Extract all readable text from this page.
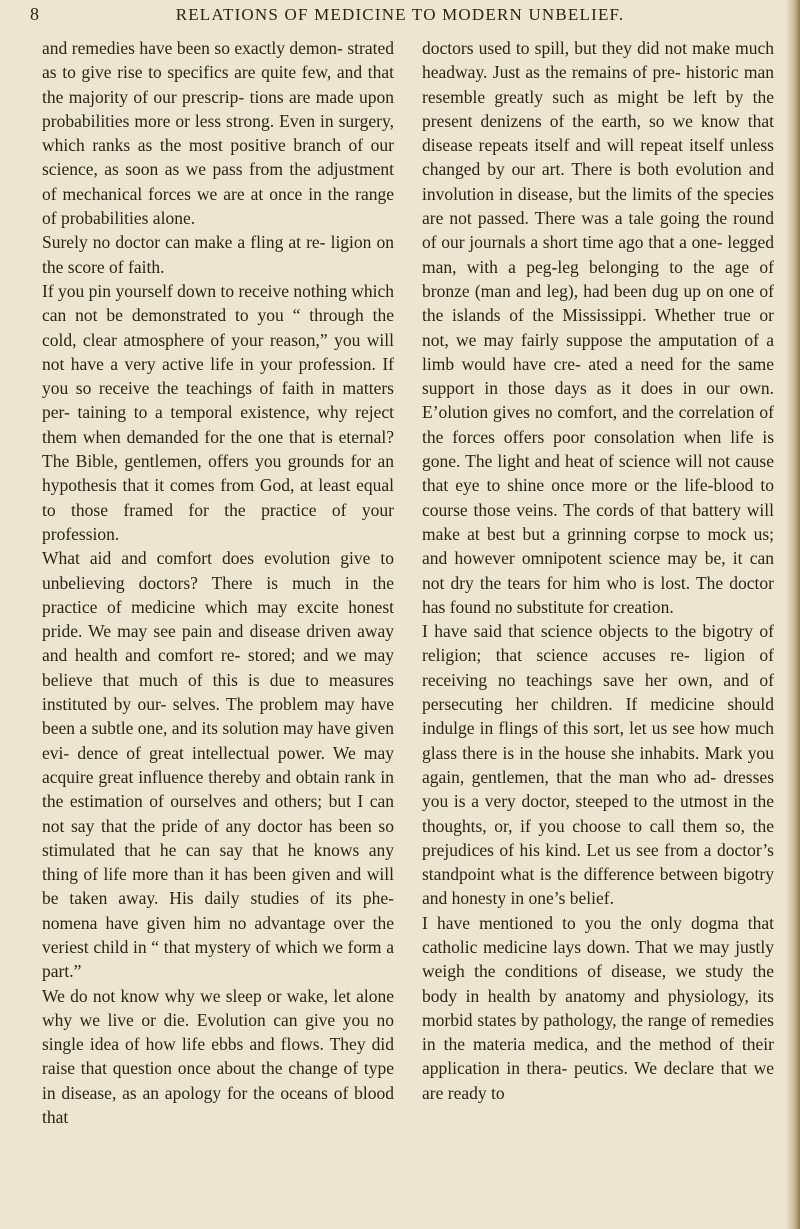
8	RELATIONS OF MEDICINE TO MODERN UNBELIEF.

and remedies have been so exactly demon- strated as to give rise to specifics are quite few, and that the majority of our prescrip- tions are made upon probabilities more or less strong. Even in surgery, which ranks as the most positive branch of our science, as soon as we pass from the adjustment of mechanical forces we are at once in the range of probabilities alone.

Surely no doctor can make a fling at re- ligion on the score of faith.

If you pin yourself down to receive nothing which can not be demonstrated to you “ through the cold, clear atmosphere of your reason,” you will not have a very active life in your profession. If you so receive the teachings of faith in matters per- taining to a temporal existence, why reject them when demanded for the one that is eternal? The Bible, gentlemen, offers you grounds for an hypothesis that it comes from God, at least equal to those framed for the practice of your profession.

What aid and comfort does evolution give to unbelieving doctors? There is much in the practice of medicine which may excite honest pride. We may see pain and disease driven away and health and comfort re- stored; and we may believe that much of this is due to measures instituted by our- selves. The problem may have been a subtle one, and its solution may have given evi- dence of great intellectual power. We may acquire great influence thereby and obtain rank in the estimation of ourselves and others; but I can not say that the pride of any doctor has been so stimulated that he can say that he knows any thing of life more than it has been given and will be taken away. His daily studies of its phe- nomena have given him no advantage over the veriest child in “ that mystery of which we form a part.”

We do not know why we sleep or wake, let alone why we live or die. Evolution can give you no single idea of how life ebbs and flows. They did raise that question once about the change of type in disease, as an apology for the oceans of blood that

doctors used to spill, but they did not make much headway. Just as the remains of pre- historic man resemble greatly such as might be left by the present denizens of the earth, so we know that disease repeats itself and will repeat itself unless changed by our art. There is both evolution and involution in disease, but the limits of the species are not passed. There was a tale going the round of our journals a short time ago that a one- legged man, with a peg-leg belonging to the age of bronze (man and leg), had been dug up on one of the islands of the Mississippi. Whether true or not, we may fairly suppose the amputation of a limb would have cre- ated a need for the same support in those days as it does in our own. E’olution gives no comfort, and the correlation of the forces offers poor consolation when life is gone. The light and heat of science will not cause that eye to shine once more or the life-blood to course those veins. The cords of that battery will make at best but a grinning corpse to mock us; and however omnipotent science may be, it can not dry the tears for him who is lost. The doctor has found no substitute for creation.

I have said that science objects to the bigotry of religion; that science accuses re- ligion of receiving no teachings save her own, and of persecuting her children. If medicine should indulge in flings of this sort, let us see how much glass there is in the house she inhabits. Mark you again, gentlemen, that the man who ad- dresses you is a very doctor, steeped to the utmost in the thoughts, or, if you choose to call them so, the prejudices of his kind. Let us see from a doctor’s standpoint what is the difference between bigotry and honesty in one’s belief.

I have mentioned to you the only dogma that catholic medicine lays down. That we may justly weigh the conditions of disease, we study the body in health by anatomy and physiology, its morbid states by pathology, the range of remedies in the materia medica, and the method of their application in thera- peutics. We declare that we are ready to
